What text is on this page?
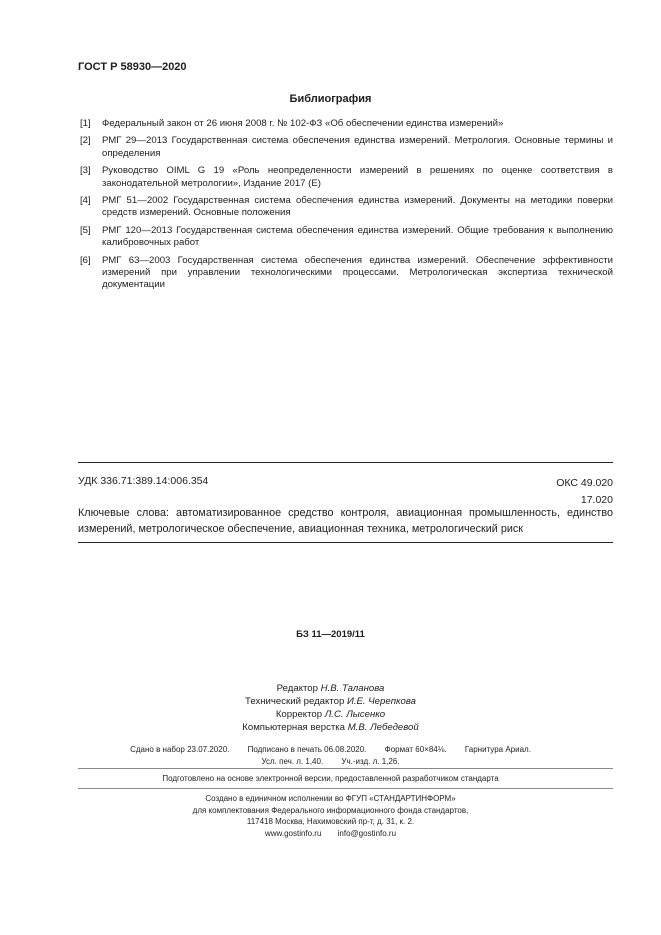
ГОСТ Р 58930—2020
Библиография
[1]	Федеральный закон от 26 июня 2008 г. № 102-ФЗ «Об обеспечении единства измерений»
[2]	РМГ 29—2013 Государственная система обеспечения единства измерений. Метрология. Основные термины и определения
[3]	Руководство OIML G 19 «Роль неопределенности измерений в решениях по оценке соответствия в законодательной метрологии», Издание 2017 (E)
[4]	РМГ 51—2002 Государственная система обеспечения единства измерений. Документы на методики поверки средств измерений. Основные положения
[5]	РМГ 120—2013 Государственная система обеспечения единства измерений. Общие требования к выполнению калибровочных работ
[6]	РМГ 63—2003 Государственная система обеспечения единства измерений. Обеспечение эффективности измерений при управлении технологическими процессами. Метрологическая экспертиза технической документации
УДК 336.71:389.14:006.354	ОКС 49.020
17.020
Ключевые слова: автоматизированное средство контроля, авиационная промышленность, единство измерений, метрологическое обеспечение, авиационная техника, метрологический риск
БЗ 11—2019/11
Редактор Н.В. Таланова
Технический редактор И.Е. Черепкова
Корректор Л.С. Лысенко
Компьютерная верстка М.В. Лебедевой
Сдано в набор 23.07.2020. Подписано в печать 06.08.2020. Формат 60×84⅛. Гарнитура Ариал.
Усл. печ. л. 1,40. Уч.-изд. л. 1,26.
Подготовлено на основе электронной версии, предоставленной разработчиком стандарта
Создано в единичном исполнении во ФГУП «СТАНДАРТИНФОРМ»
для комплектования Федерального информационного фонда стандартов,
117418 Москва, Нахимовский пр-т, д. 31, к. 2.
www.gostinfo.ru info@gostinfo.ru
